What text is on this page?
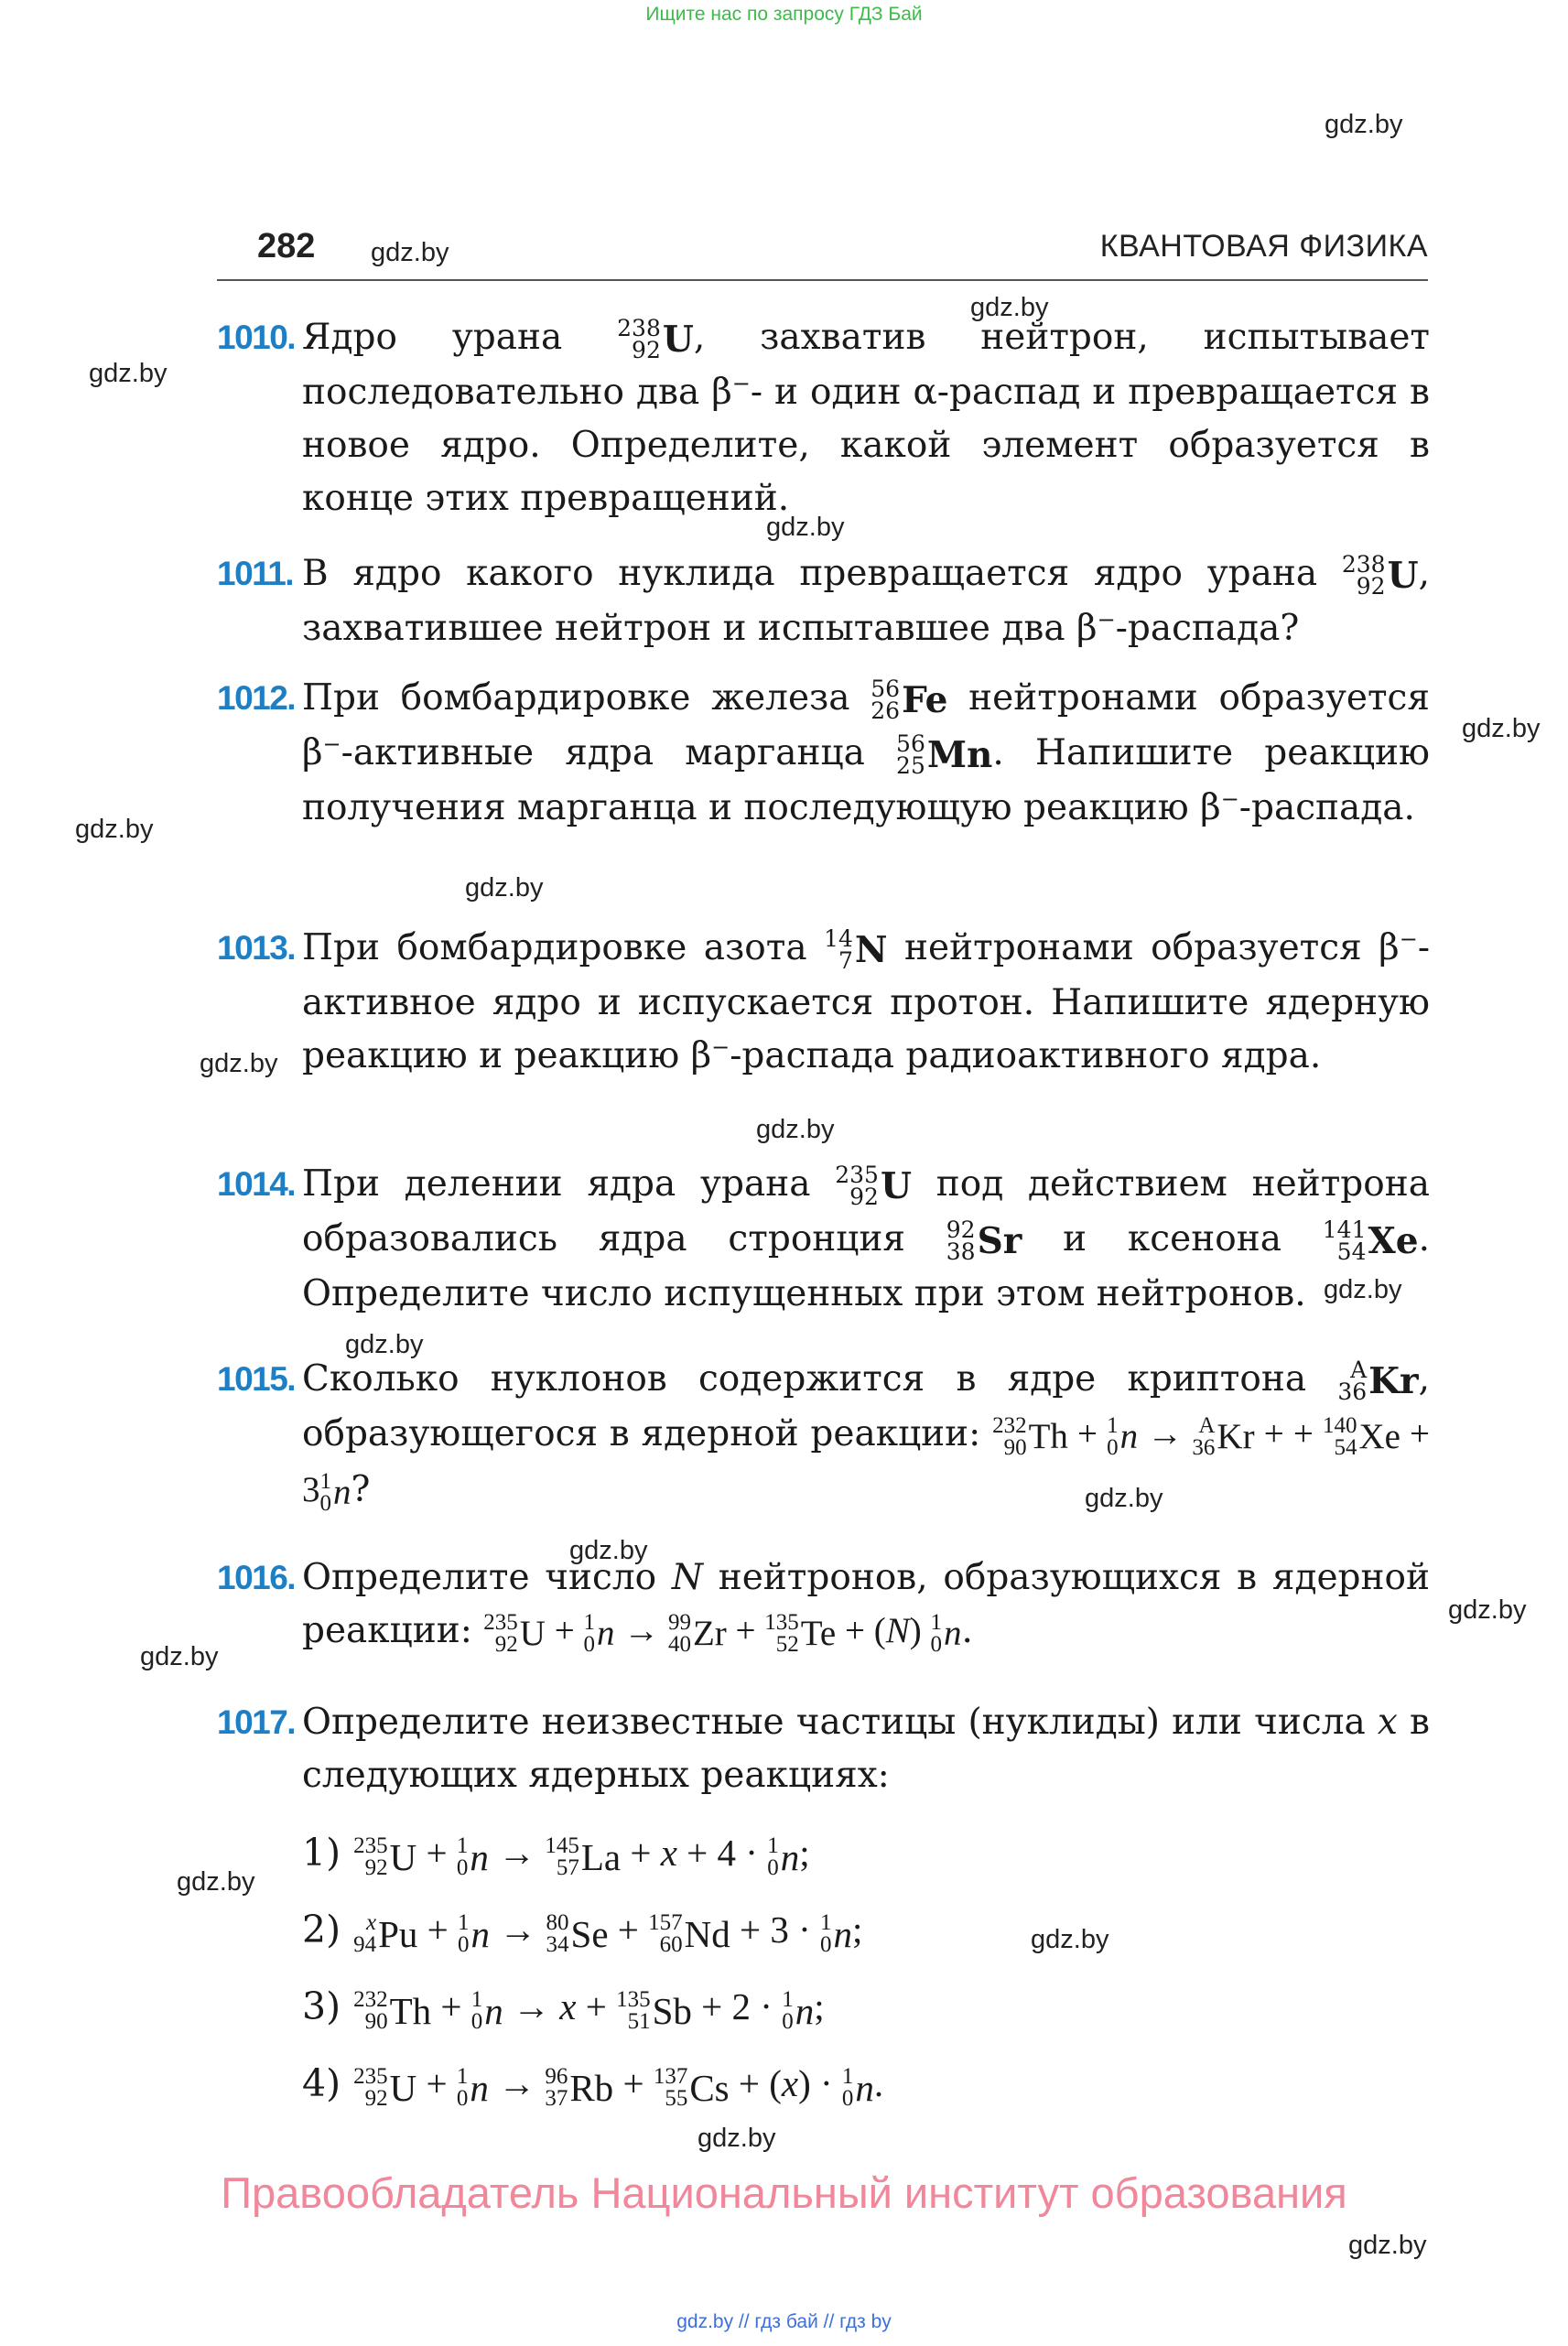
Ищите нас по запросу ГДЗ Бай
gdz.by
gdz.by
gdz.by
gdz.by
gdz.by
gdz.by
gdz.by
gdz.by
gdz.by
gdz.by
gdz.by
gdz.by
gdz.by
gdz.by
gdz.by
gdz.by
gdz.by
gdz.by
gdz.by
gdz.by
282	КВАНТОВАЯ ФИЗИКА
1010. Ядро урана 238
92 U , захватив нейтрон, испытывает последовательно два β−- и один α-распад и превращается в новое ядро. Определите, какой элемент образуется в конце этих превращений.

1011. В ядро какого нуклида превращается ядро урана 238
92 U , захватившее нейтрон и испытавшее два β−-распада?

1012. При бомбардировке железа 56
26 Fe нейтронами образуется β−-активные ядра марганца 56
25 Mn . Напишите реакцию получения марганца и последующую реакцию β−-распада.

1013. При бомбардировке азота 14
7 N нейтронами образуется β−-активное ядро и испускается протон. Напишите ядерную реакцию и реакцию β−-распада радиоактивного ядра.

1014. При делении ядра урана 235
92 U под действием нейтрона образовались ядра стронция 92
38 Sr и ксенона 141
54 Xe . Определите число испущенных при этом нейтронов.

1015. Сколько нуклонов содержится в ядре криптона A
36 Kr , образующегося в ядерной реакции: 232
90 Th + 1
0 n → A
36 Kr + + 140
54 Xe + 3 1
0 n ?

1016. Определите число N нейтронов, образующихся в ядерной реакции: 235
92 U + 1
0 n → 99
40 Zr + 135
52 Te + (N) 1
0 n .

1017. Определите неизвестные частицы (нуклиды) или числа x в следующих ядерных реакциях:

1) 235
92 U + 1
0 n → 145
57 La + x + 4 · 1
0 n ;
2) x
94 Pu + 1
0 n → 80
34 Se + 157
60 Nd + 3 · 1
0 n ;
3) 232
90 Th + 1
0 n → x + 135
51 Sb + 2 · 1
0 n ;
4) 235
92 U + 1
0 n → 96
37 Rb + 137
55 Cs + (x) · 1
0 n .
Правообладатель Национальный институт образования
gdz.by // гдз бай // гдз by
